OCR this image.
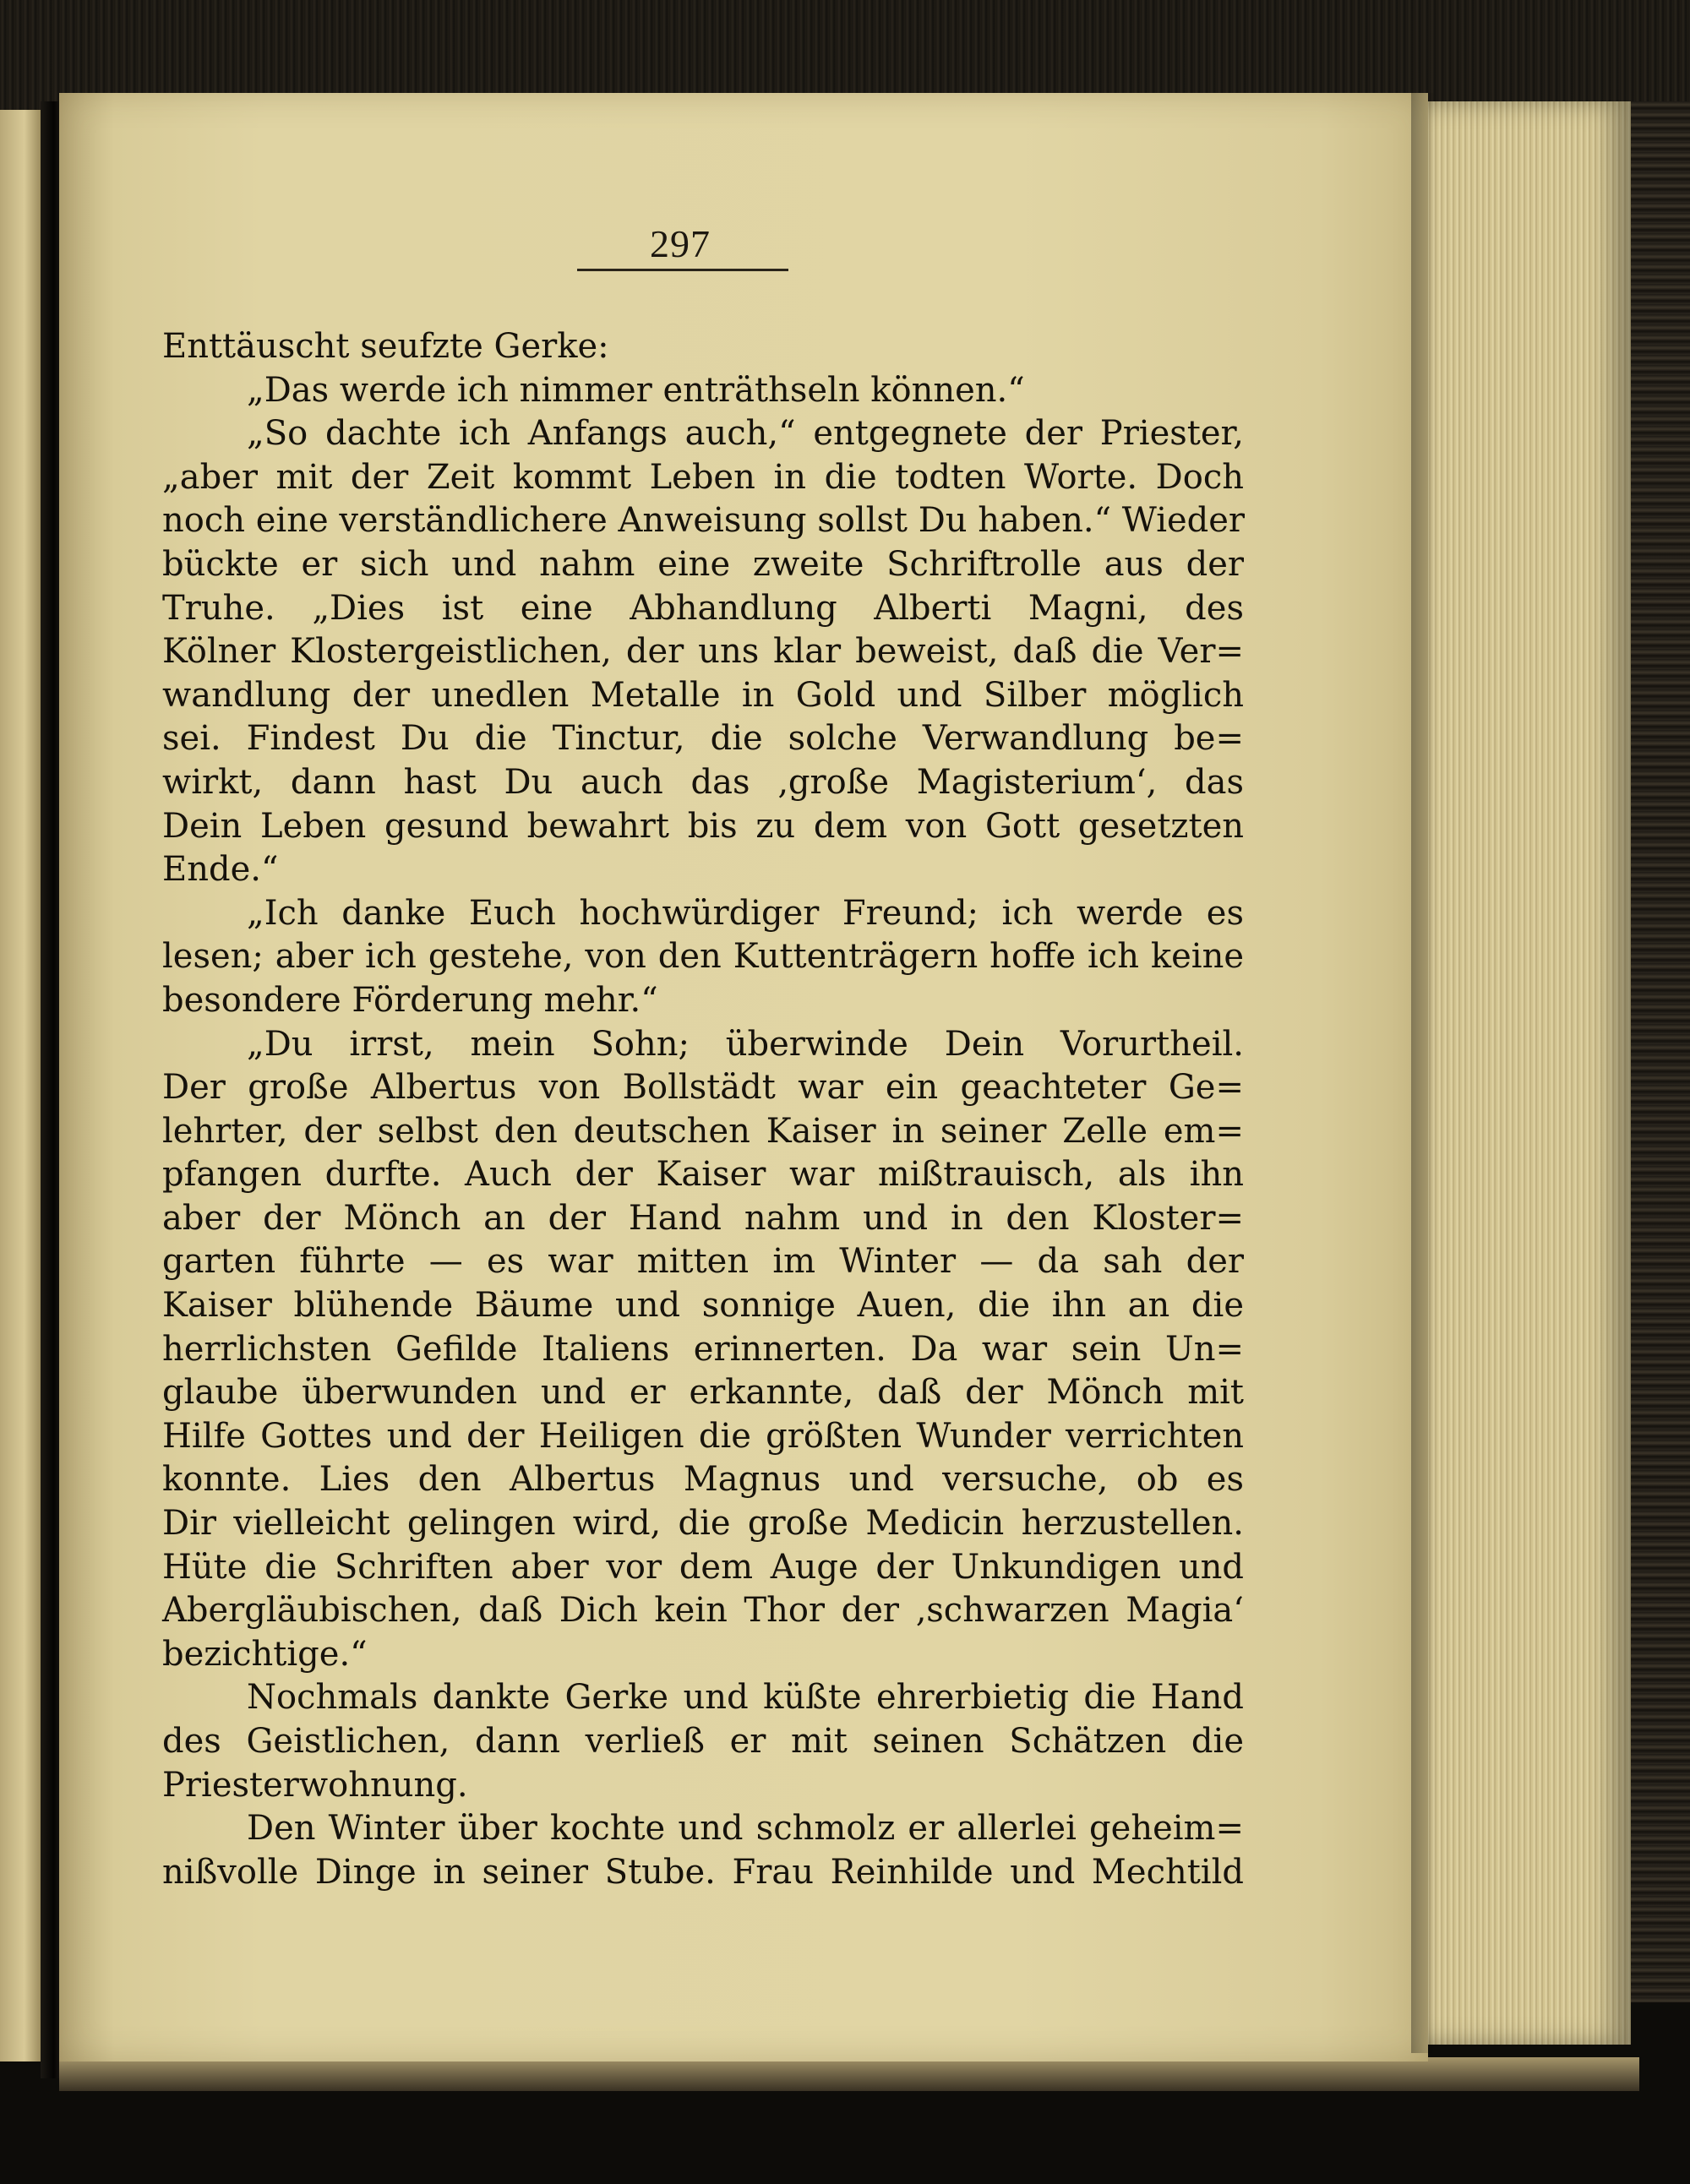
297
Enttäuscht seufzte Gerke:
„Das werde ich nimmer enträthseln können.“
„So dachte ich Anfangs auch,“ entgegnete der Priester,
„aber mit der Zeit kommt Leben in die todten Worte. Doch
noch eine verständlichere Anweisung sollst Du haben.“ Wieder
bückte er sich und nahm eine zweite Schriftrolle aus der
Truhe. „Dies ist eine Abhandlung Alberti Magni, des
Kölner Klostergeistlichen, der uns klar beweist, daß die Ver=
wandlung der unedlen Metalle in Gold und Silber möglich
sei. Findest Du die Tinctur, die solche Verwandlung be=
wirkt, dann hast Du auch das ‚große Magisterium‘, das
Dein Leben gesund bewahrt bis zu dem von Gott gesetzten
Ende.“
„Ich danke Euch hochwürdiger Freund; ich werde es
lesen; aber ich gestehe, von den Kuttenträgern hoffe ich keine
besondere Förderung mehr.“
„Du irrst, mein Sohn; überwinde Dein Vorurtheil.
Der große Albertus von Bollstädt war ein geachteter Ge=
lehrter, der selbst den deutschen Kaiser in seiner Zelle em=
pfangen durfte. Auch der Kaiser war mißtrauisch, als ihn
aber der Mönch an der Hand nahm und in den Kloster=
garten führte — es war mitten im Winter — da sah der
Kaiser blühende Bäume und sonnige Auen, die ihn an die
herrlichsten Gefilde Italiens erinnerten. Da war sein Un=
glaube überwunden und er erkannte, daß der Mönch mit
Hilfe Gottes und der Heiligen die größten Wunder verrichten
konnte. Lies den Albertus Magnus und versuche, ob es
Dir vielleicht gelingen wird, die große Medicin herzustellen.
Hüte die Schriften aber vor dem Auge der Unkundigen und
Abergläubischen, daß Dich kein Thor der ‚schwarzen Magia‘
bezichtige.“
Nochmals dankte Gerke und küßte ehrerbietig die Hand
des Geistlichen, dann verließ er mit seinen Schätzen die
Priesterwohnung.
Den Winter über kochte und schmolz er allerlei geheim=
nißvolle Dinge in seiner Stube. Frau Reinhilde und Mechtild
